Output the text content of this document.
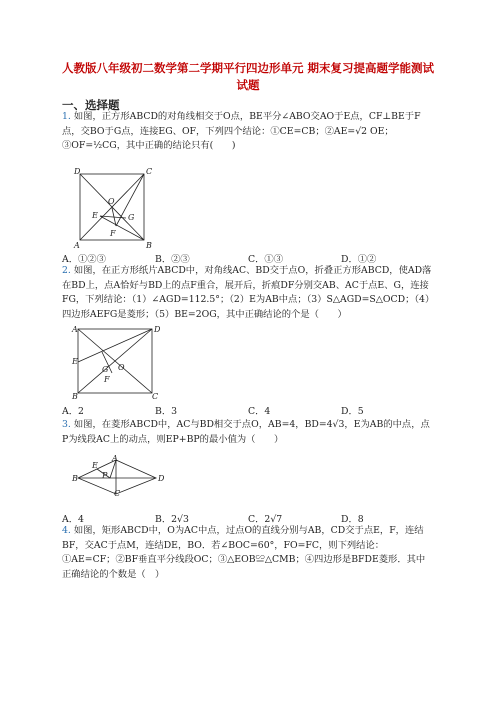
人教版八年级初二数学第二学期平行四边形单元 期末复习提高题学能测试试题
一、选择题
1. 如图，正方形ABCD的对角线相交于O点，BE平分∠ABO交AO于E点，CF⊥BE于F点，交BO于G点，连接EG、OF，下列四个结论：①CE=CB；②AE=√2 OE；③OF=½CG，其中正确的结论只有(　　)
D	C
A	B
O
E	G
F
A．①②③	B．②③	C．①③	D．①②
2. 如图，在正方形纸片ABCD中，对角线AC、BD交于点O，折叠正方形ABCD，使AD落在BD上，点A恰好与BD上的点F重合，展开后，折痕DF分别交AB、AC于点E、G，连接FG，下列结论：（1）∠AGD=112.5°；（2）E为AB中点；（3）S△AGD=S△OCD；（4）四边形AEFG是菱形；（5）BE=2OG，其中正确结论的个是（　　）
A	D
E
G O
F
B	C
A．2	B．3	C．4	D．5
3. 如图，在菱形ABCD中，AC与BD相交于点O，AB=4，BD=4√3，E为AB的中点，点P为线段AC上的动点，则EP+BP的最小值为（　　）
B
A
D
C
E
P
A．4	B．2√3	C．2√7	D．8
4. 如图，矩形ABCD中，O为AC中点，过点O的直线分别与AB，CD交于点E，F，连结BF，交AC于点M，连结DE，BO．若∠BOC=60°，FO=FC，则下列结论：①AE=CF；②BF垂直平分线段OC；③△EOB≌△CMB；④四边形是BFDE菱形．其中正确结论的个数是（　）
